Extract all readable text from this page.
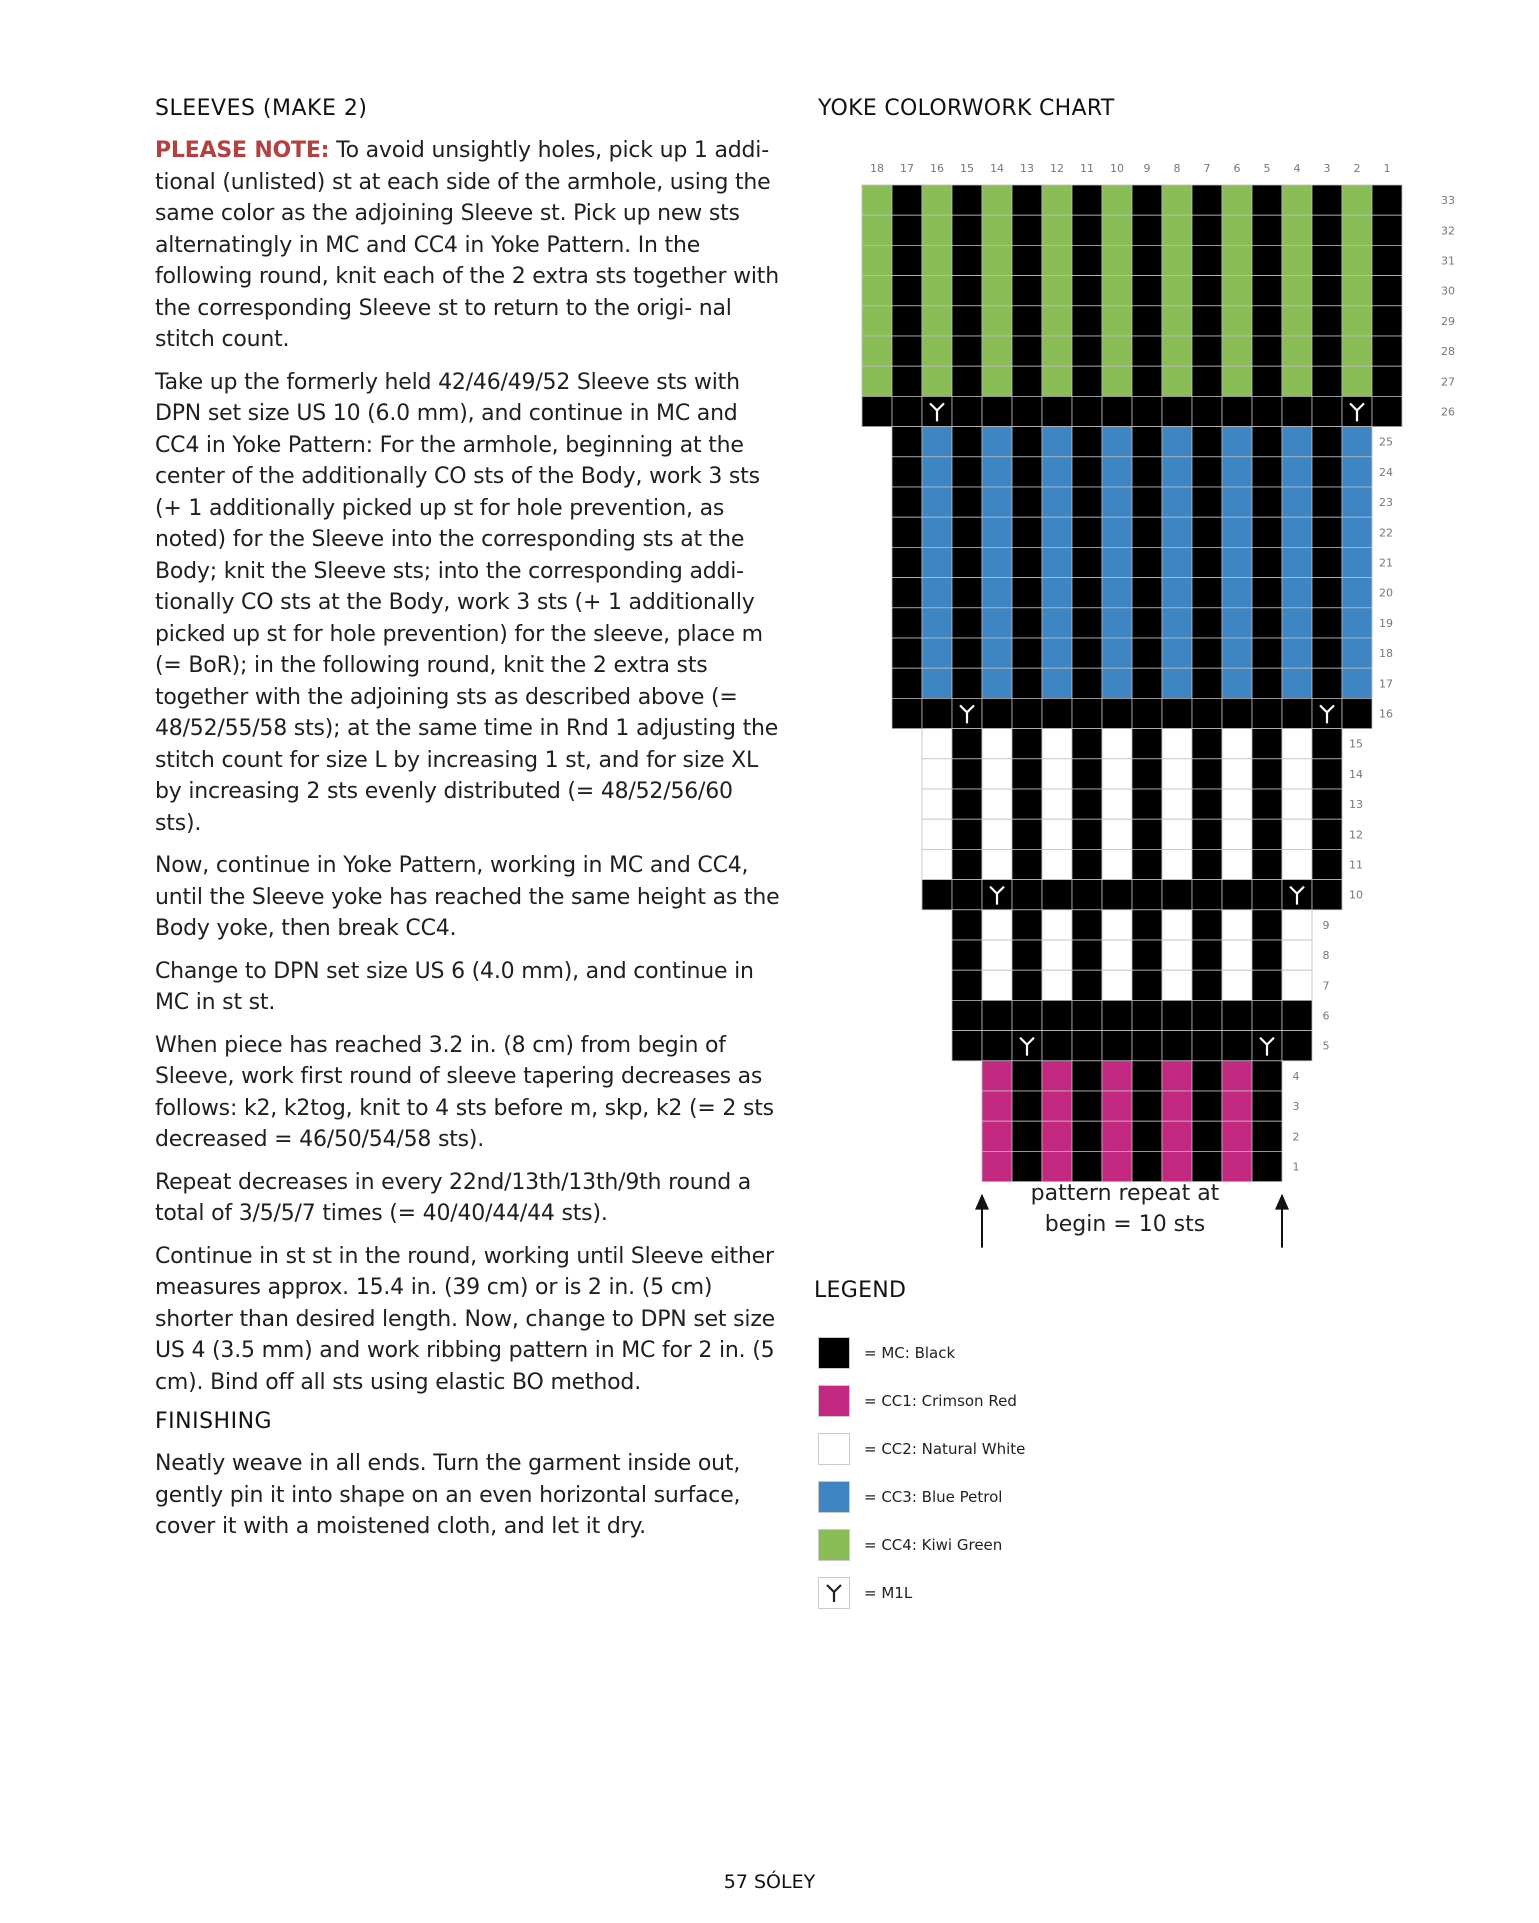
SLEEVES (MAKE 2)

PLEASE NOTE: To avoid unsightly holes, pick up 1 addi- tional (unlisted) st at each side of the armhole, using the same color as the adjoining Sleeve st. Pick up new sts alternatingly in MC and CC4 in Yoke Pattern. In the following round, knit each of the 2 extra sts together with the corresponding Sleeve st to return to the origi- nal stitch count.

Take up the formerly held 42/46/49/52 Sleeve sts with DPN set size US 10 (6.0 mm), and continue in MC and CC4 in Yoke Pattern: For the armhole, beginning at the center of the additionally CO sts of the Body, work 3 sts (+ 1 additionally picked up st for hole prevention, as noted) for the Sleeve into the corresponding sts at the Body; knit the Sleeve sts; into the corresponding addi- tionally CO sts at the Body, work 3 sts (+ 1 additionally picked up st for hole prevention) for the sleeve, place m (= BoR); in the following round, knit the 2 extra sts together with the adjoining sts as described above (= 48/52/55/58 sts); at the same time in Rnd 1 adjusting the stitch count for size L by increasing 1 st, and for size XL by increasing 2 sts evenly distributed (= 48/52/56/60 sts).

Now, continue in Yoke Pattern, working in MC and CC4, until the Sleeve yoke has reached the same height as the Body yoke, then break CC4.

Change to DPN set size US 6 (4.0 mm), and continue in MC in st st.

When piece has reached 3.2 in. (8 cm) from begin of Sleeve, work first round of sleeve tapering decreases as follows: k2, k2tog, knit to 4 sts before m, skp, k2 (= 2 sts decreased = 46/50/54/58 sts).

Repeat decreases in every 22nd/13th/13th/9th round a total of 3/5/5/7 times (= 40/40/44/44 sts).

Continue in st st in the round, working until Sleeve either measures approx. 15.4 in. (39 cm) or is 2 in. (5 cm) shorter than desired length. Now, change to DPN set size US 4 (3.5 mm) and work ribbing pattern in MC for 2 in. (5 cm). Bind off all sts using elastic BO method.

FINISHING

Neatly weave in all ends. Turn the garment inside out, gently pin it into shape on an even horizontal surface, cover it with a moistened cloth, and let it dry.

YOKE COLORWORK CHART
18 17 16 15 14 13 12 11 10 9 8 7 6 5 4 3 2 1
33
32
31
30
29
28
27
26
25
24
23
22
21
20
19
18
17
16
15
14
13
12
11
10
9
8
7
6
5
4
3
2
1
pattern repeat at
begin = 10 sts
LEGEND
= MC: Black
= CC1: Crimson Red
= CC2: Natural White
= CC3: Blue Petrol
= CC4: Kiwi Green
= M1L
57 SÓLEY
